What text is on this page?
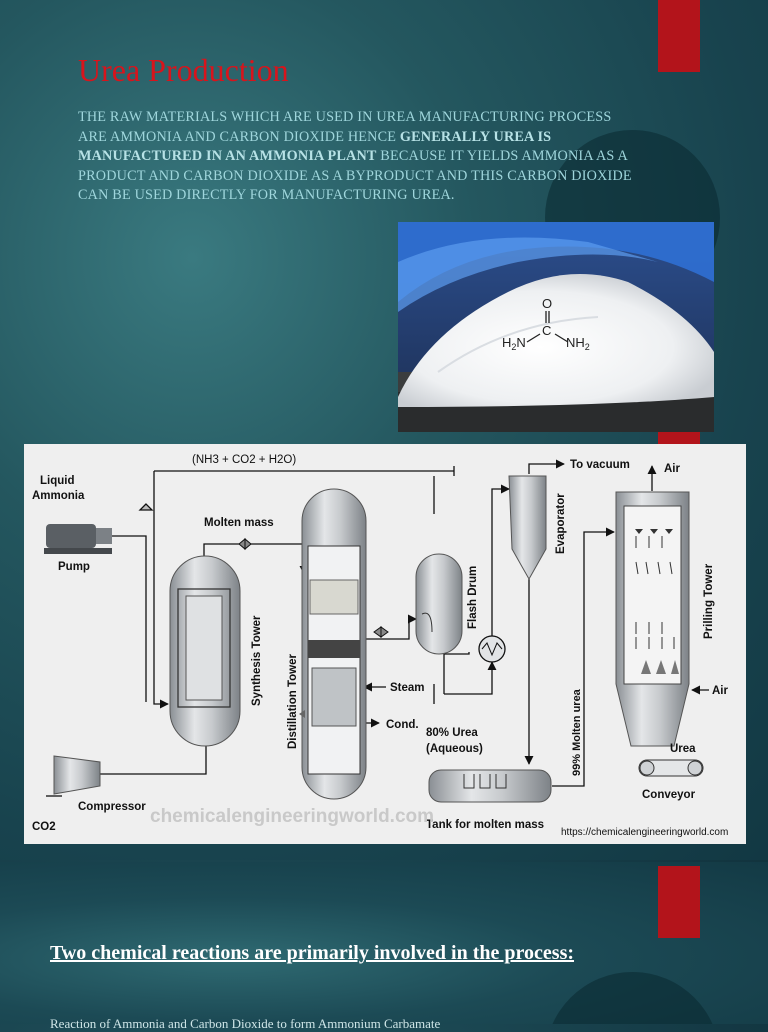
Urea Production

THE RAW MATERIALS WHICH ARE USED IN UREA MANUFACTURING PROCESS ARE AMMONIA AND CARBON DIOXIDE HENCE GENERALLY UREA IS MANUFACTURED IN AN AMMONIA PLANT BECAUSE IT YIELDS AMMONIA AS A PRODUCT AND CARBON DIOXIDE AS A BYPRODUCT AND THIS CARBON DIOXIDE CAN BE USED DIRECTLY FOR MANUFACTURING UREA.

O
C
$H_2N$	$NH_2$
(NH3 + CO2 + H2O)
Liquid
Ammonia
Pump
Molten mass
Synthesis Tower Distillation Tower	Steam
Cond.
Flash Drum
Evaporator
To vacuum	Air
Prilling Tower
Air
80% Urea
(Aqueous)	99% Molten urea	Urea
Conveyor
Compressor
CO2	Tank for molten mass
chemicalengineeringworld.com
https://chemicalengineeringworld.com
Two chemical reactions are primarily involved in the process:

Reaction of Ammonia and Carbon Dioxide to form Ammonium Carbamate
